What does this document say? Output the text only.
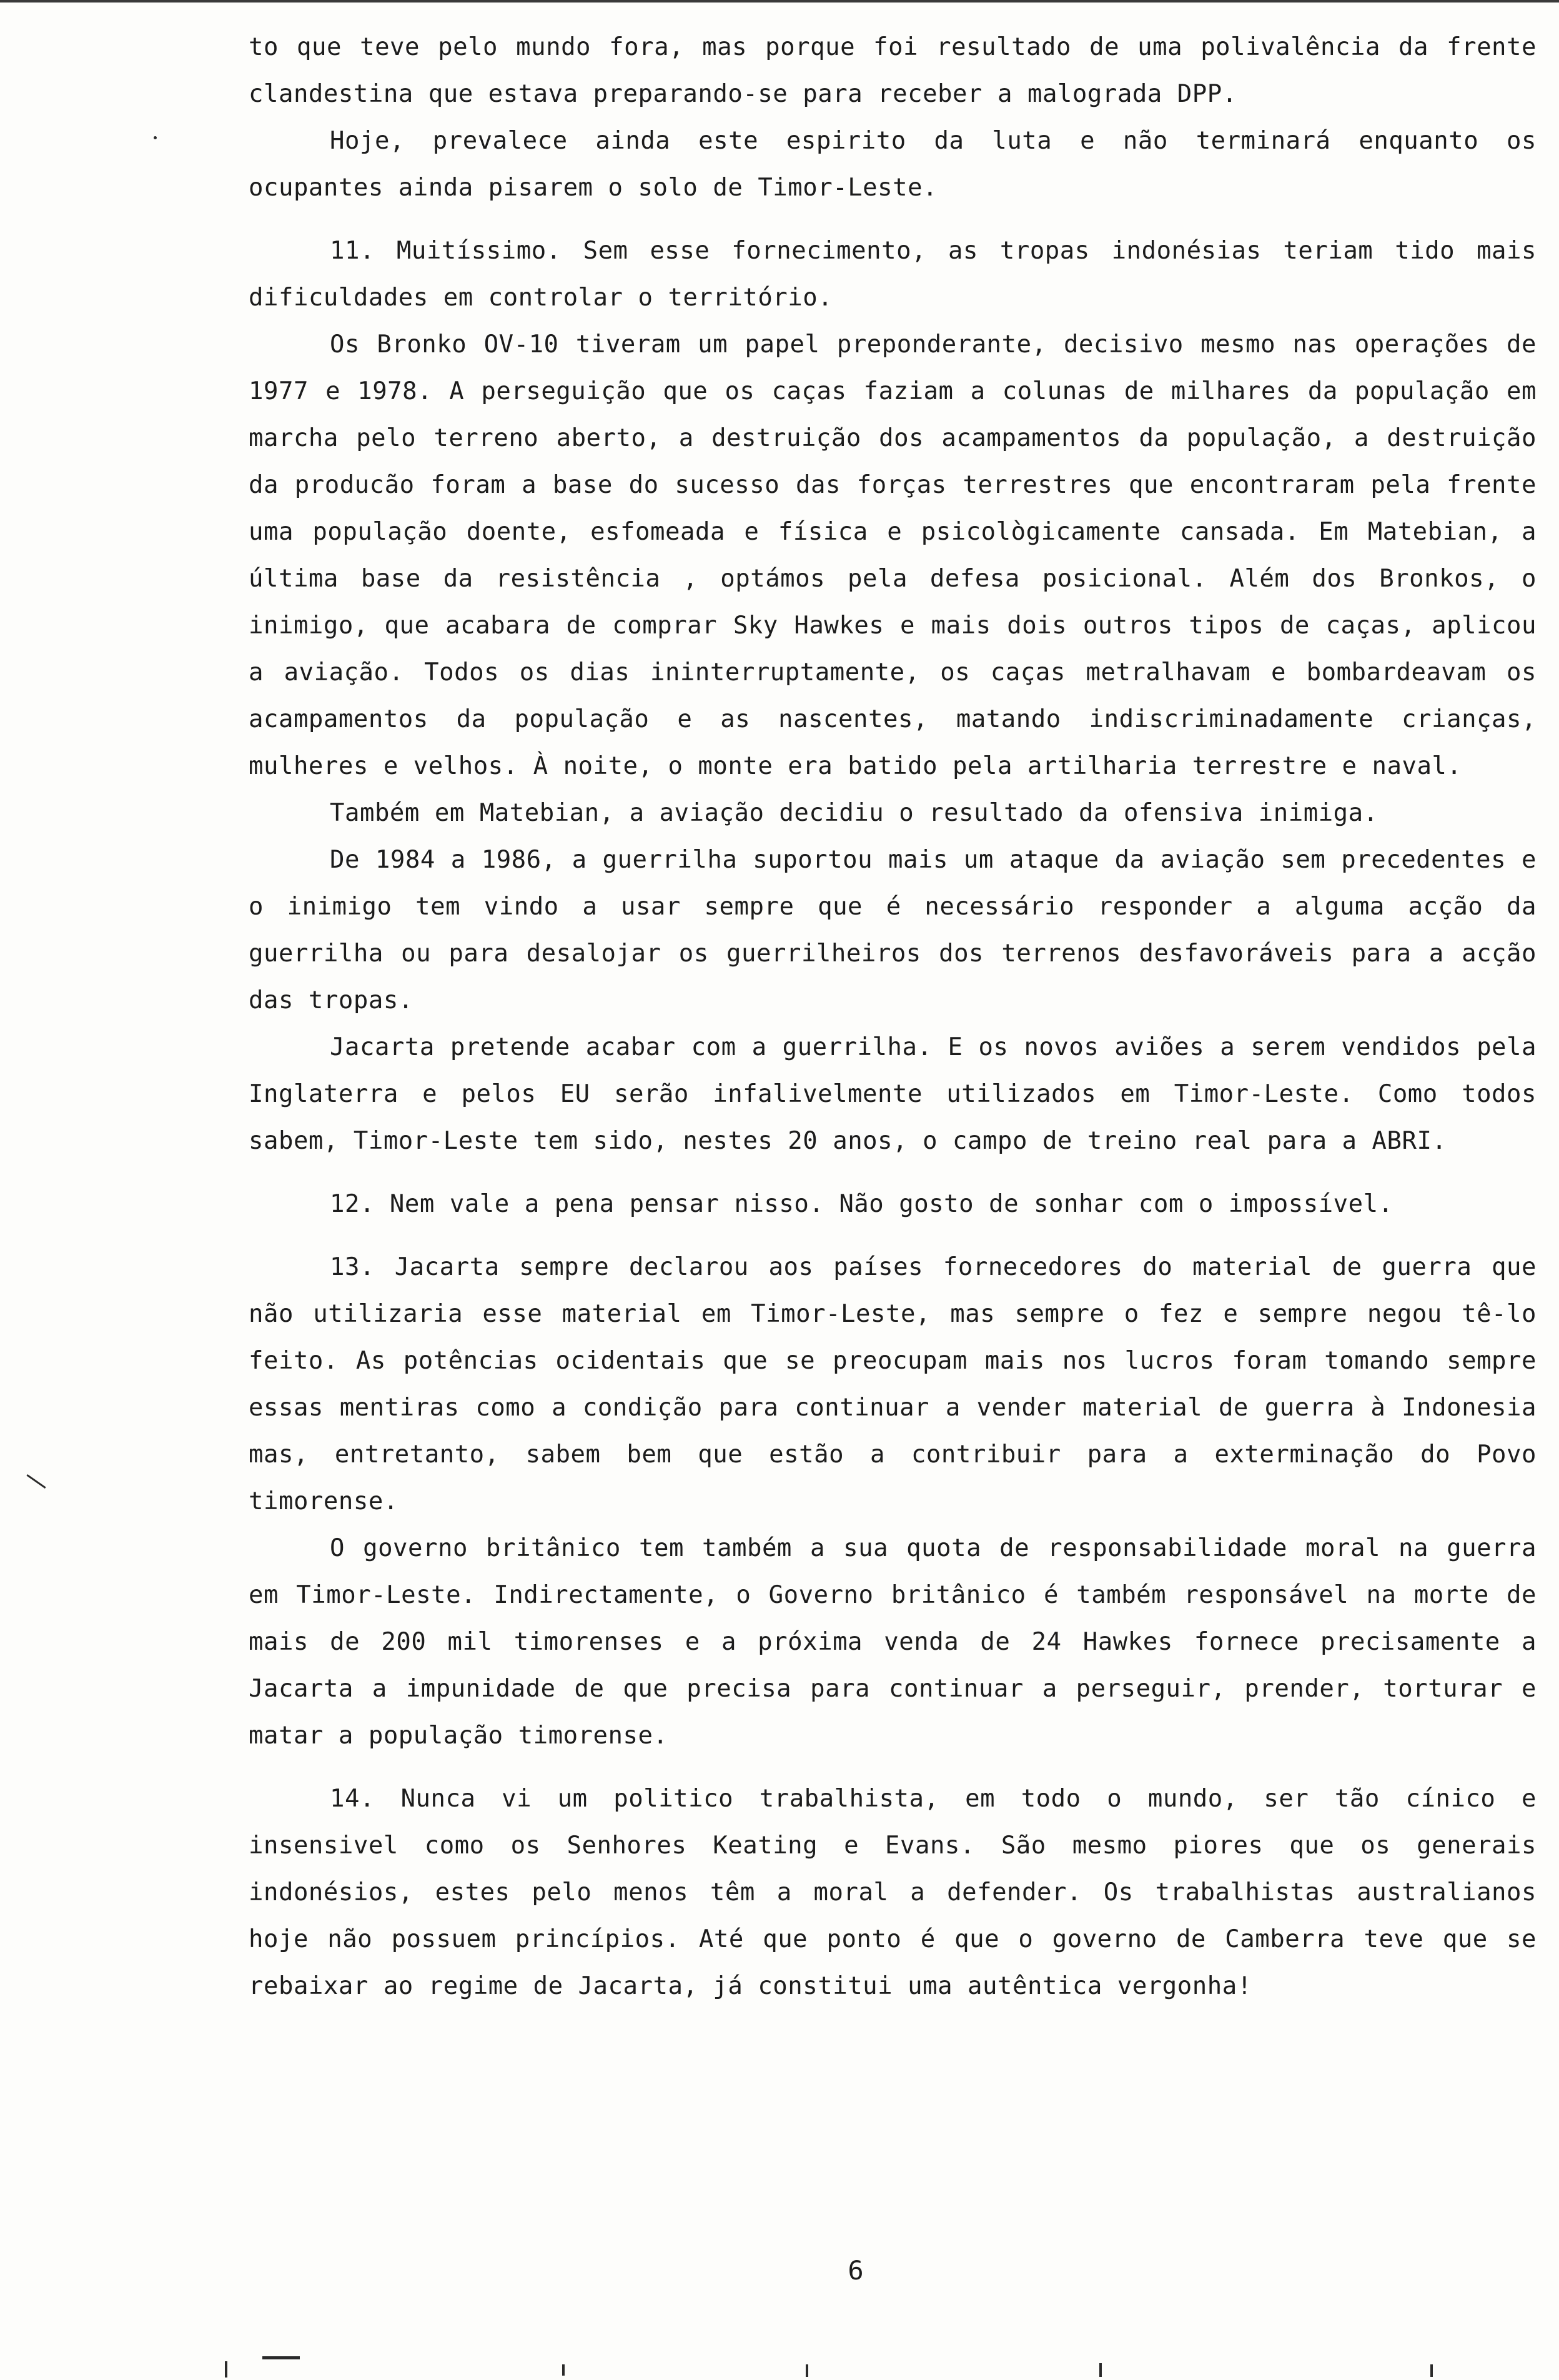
to que teve pelo mundo fora, mas porque foi resultado de uma polivalência da frente clandestina que estava preparando-se para receber a malograda DPP.

Hoje, prevalece ainda este espirito da luta e não terminará enquanto os ocupantes ainda pisarem o solo de Timor-Leste.

11. Muitíssimo. Sem esse fornecimento, as tropas indonésias teriam tido mais dificuldades em controlar o território.

Os Bronko OV-10 tiveram um papel preponderante, decisivo mesmo nas operações de 1977 e 1978. A perseguição que os caças faziam a colunas de milhares da população em marcha pelo terreno aberto, a destruição dos acampamentos da população, a destruição da producão foram a base do sucesso das forças terrestres que encontraram pela frente uma população doente, esfomeada e física e psicològicamente cansada. Em Matebian, a última base da resistência , optámos pela defesa posicional. Além dos Bronkos, o inimigo, que acabara de comprar Sky Hawkes e mais dois outros tipos de caças, aplicou a aviação. Todos os dias ininterruptamente, os caças metralhavam e bombardeavam os acampamentos da população e as nascentes, matando indiscriminadamente crianças, mulheres e velhos. À noite, o monte era batido pela artilharia terrestre e naval.

Também em Matebian, a aviação decidiu o resultado da ofensiva inimiga.

De 1984 a 1986, a guerrilha suportou mais um ataque da aviação sem precedentes e o inimigo tem vindo a usar sempre que é necessário responder a alguma acção da guerrilha ou para desalojar os guerrilheiros dos terrenos desfavoráveis para a acção das tropas.

Jacarta pretende acabar com a guerrilha. E os novos aviões a serem vendidos pela Inglaterra e pelos EU serão infalivelmente utilizados em Timor-Leste. Como todos sabem, Timor-Leste tem sido, nestes 20 anos, o campo de treino real para a ABRI.

12. Nem vale a pena pensar nisso. Não gosto de sonhar com o impossível.

13. Jacarta sempre declarou aos países fornecedores do material de guerra que não utilizaria esse material em Timor-Leste, mas sempre o fez e sempre negou tê-lo feito. As potências ocidentais que se preocupam mais nos lucros foram tomando sempre essas mentiras como a condição para continuar a vender material de guerra à Indonesia mas, entretanto, sabem bem que estão a contribuir para a exterminação do Povo timorense.

O governo britânico tem também a sua quota de responsabilidade moral na guerra em Timor-Leste. Indirectamente, o Governo britânico é também responsável na morte de mais de 200 mil timorenses e a próxima venda de 24 Hawkes fornece precisamente a Jacarta a impunidade de que precisa para continuar a perseguir, prender, torturar e matar a população timorense.

14. Nunca vi um politico trabalhista, em todo o mundo, ser tão cínico e insensivel como os Senhores Keating e Evans. São mesmo piores que os generais indonésios, estes pelo menos têm a moral a defender. Os trabalhistas australianos hoje não possuem princípios. Até que ponto é que o governo de Camberra teve que se rebaixar ao regime de Jacarta, já constitui uma autêntica vergonha!

6
